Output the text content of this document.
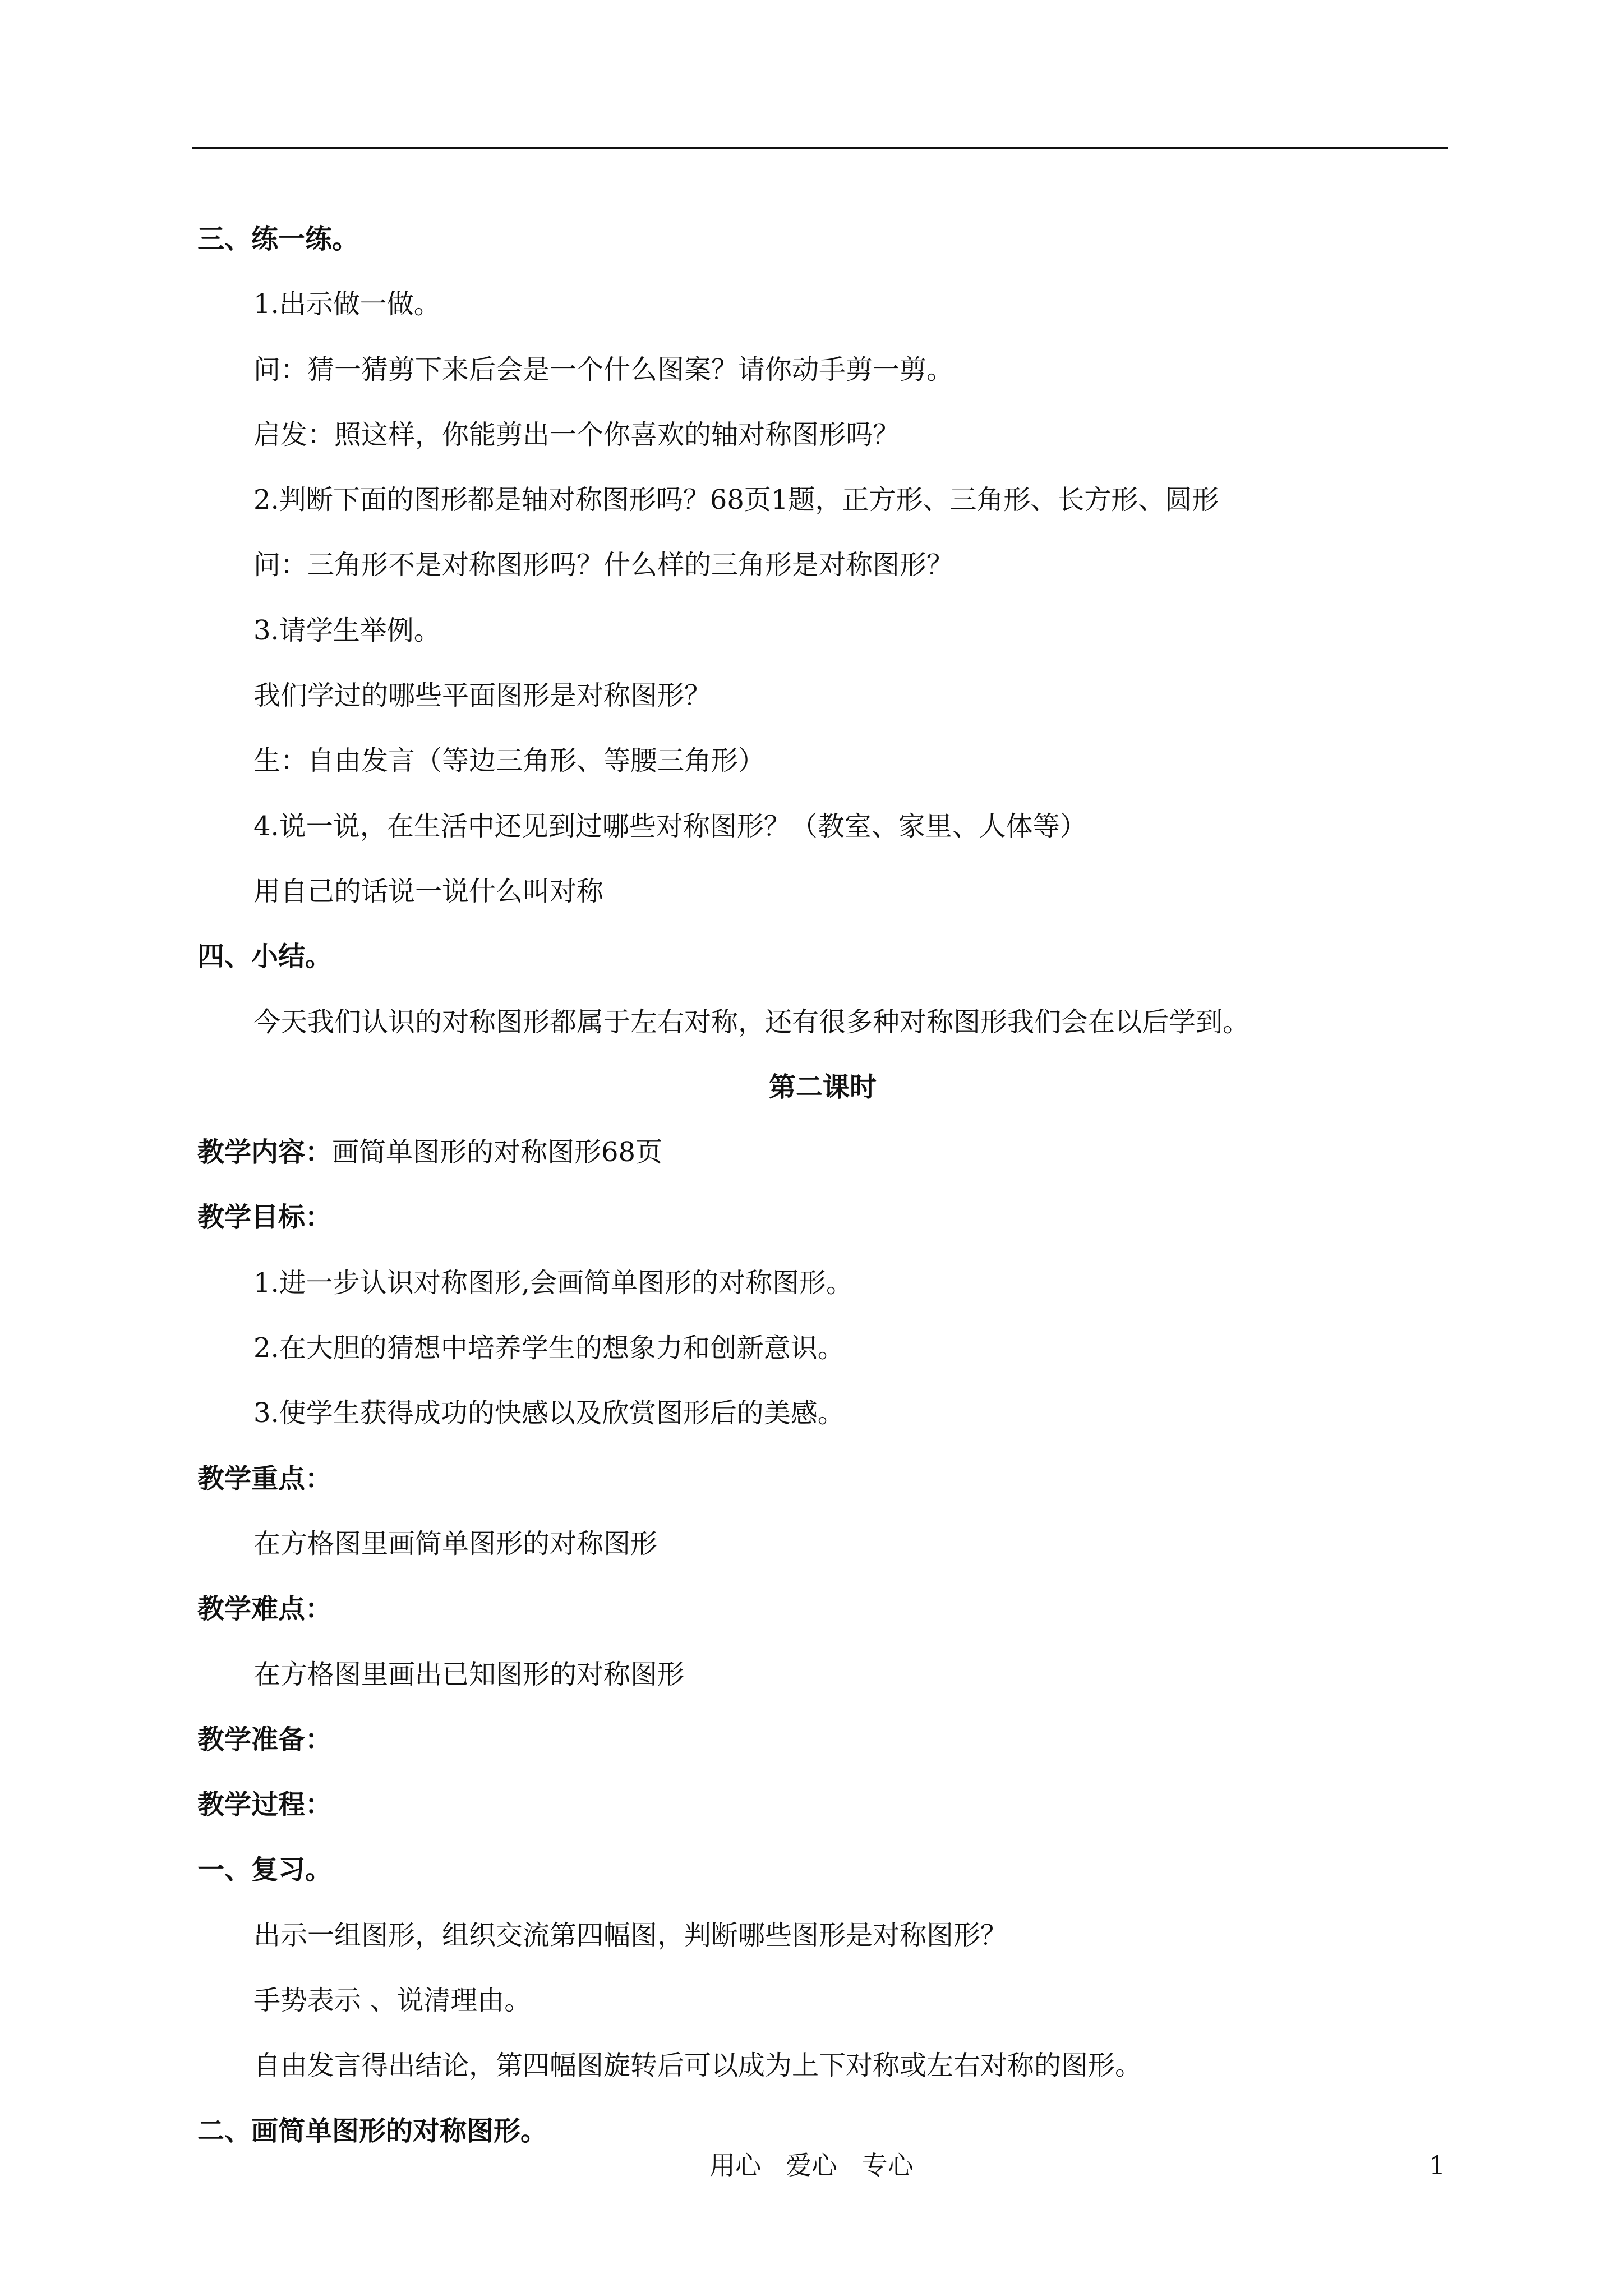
三、练一练。
1.出示做一做。
问：猜一猜剪下来后会是一个什么图案？请你动手剪一剪。
启发：照这样，你能剪出一个你喜欢的轴对称图形吗？
2.判断下面的图形都是轴对称图形吗？68页1题，正方形、三角形、长方形、圆形
问：三角形不是对称图形吗？什么样的三角形是对称图形？
3.请学生举例。
我们学过的哪些平面图形是对称图形？
生：自由发言（等边三角形、等腰三角形）
4.说一说，在生活中还见到过哪些对称图形？（教室、家里、人体等）
用自己的话说一说什么叫对称
四、小结。
今天我们认识的对称图形都属于左右对称，还有很多种对称图形我们会在以后学到。
第二课时
教学内容：画简单图形的对称图形68页
教学目标：
1.进一步认识对称图形,会画简单图形的对称图形。
2.在大胆的猜想中培养学生的想象力和创新意识。
3.使学生获得成功的快感以及欣赏图形后的美感。
教学重点：
在方格图里画简单图形的对称图形
教学难点：
在方格图里画出已知图形的对称图形
教学准备：
教学过程：
一、复习。
出示一组图形，组织交流第四幅图，判断哪些图形是对称图形？
手势表示 、说清理由。
自由发言得出结论，第四幅图旋转后可以成为上下对称或左右对称的图形。
二、画简单图形的对称图形。
用心   爱心   专心	1
